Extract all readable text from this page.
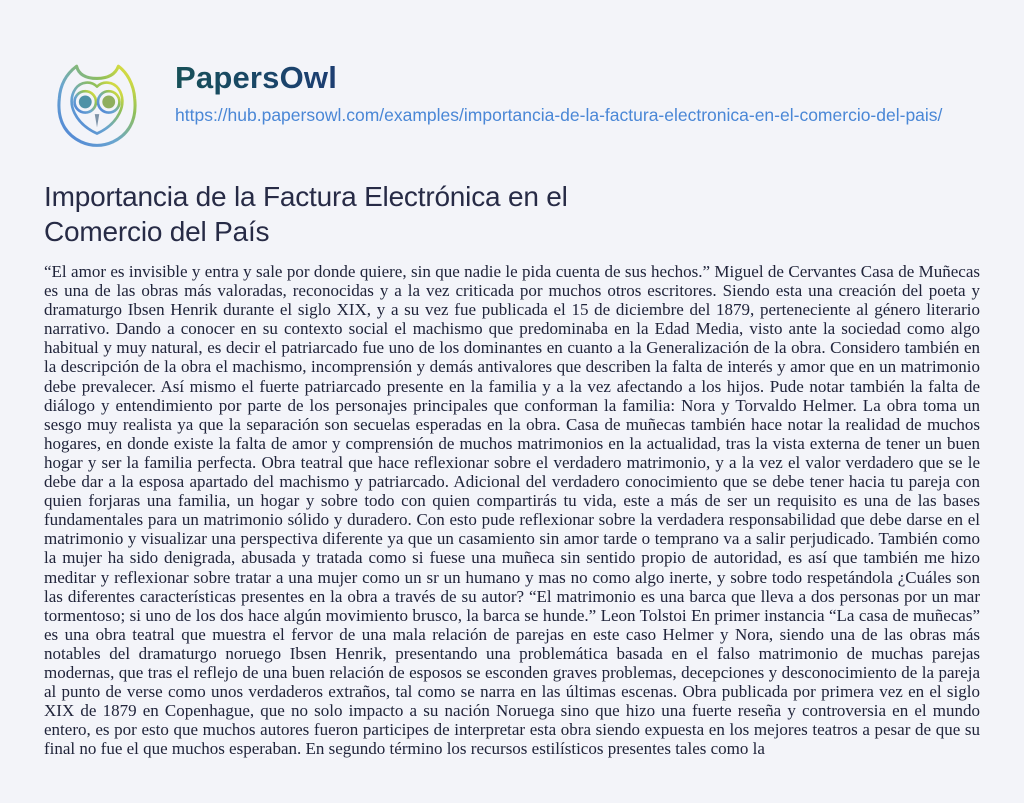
PapersOwl
https://hub.papersowl.com/examples/importancia-de-la-factura-electronica-en-el-comercio-del-pais/
Importancia de la Factura Electrónica en el Comercio del País

“El amor es invisible y entra y sale por donde quiere, sin que nadie le pida cuenta de sus hechos.” Miguel de Cervantes Casa de Muñecas es una de las obras más valoradas, reconocidas y a la vez criticada por muchos otros escritores. Siendo esta una creación del poeta y dramaturgo Ibsen Henrik durante el siglo XIX, y a su vez fue publicada el 15 de diciembre del 1879, perteneciente al género literario narrativo. Dando a conocer en su contexto social el machismo que predominaba en la Edad Media, visto ante la sociedad como algo habitual y muy natural, es decir el patriarcado fue uno de los dominantes en cuanto a la Generalización de la obra. Considero también en la descripción de la obra el machismo, incomprensión y demás antivalores que describen la falta de interés y amor que en un matrimonio debe prevalecer. Así mismo el fuerte patriarcado presente en la familia y a la vez afectando a los hijos. Pude notar también la falta de diálogo y entendimiento por parte de los personajes principales que conforman la familia: Nora y Torvaldo Helmer. La obra toma un sesgo muy realista ya que la separación son secuelas esperadas en la obra. Casa de muñecas también hace notar la realidad de muchos hogares, en donde existe la falta de amor y comprensión de muchos matrimonios en la actualidad, tras la vista externa de tener un buen hogar y ser la familia perfecta. Obra teatral que hace reflexionar sobre el verdadero matrimonio, y a la vez el valor verdadero que se le debe dar a la esposa apartado del machismo y patriarcado. Adicional del verdadero conocimiento que se debe tener hacia tu pareja con quien forjaras una familia, un hogar y sobre todo con quien compartirás tu vida, este a más de ser un requisito es una de las bases fundamentales para un matrimonio sólido y duradero. Con esto pude reflexionar sobre la verdadera responsabilidad que debe darse en el matrimonio y visualizar una perspectiva diferente ya que un casamiento sin amor tarde o temprano va a salir perjudicado. También como la mujer ha sido denigrada, abusada y tratada como si fuese una muñeca sin sentido propio de autoridad, es así que también me hizo meditar y reflexionar sobre tratar a una mujer como un sr un humano y mas no como algo inerte, y sobre todo respetándola ¿Cuáles son las diferentes características presentes en la obra a través de su autor? “El matrimonio es una barca que lleva a dos personas por un mar tormentoso; si uno de los dos hace algún movimiento brusco, la barca se hunde.” Leon Tolstoi En primer instancia “La casa de muñecas” es una obra teatral que muestra el fervor de una mala relación de parejas en este caso Helmer y Nora, siendo una de las obras más notables del dramaturgo noruego Ibsen Henrik, presentando una problemática basada en el falso matrimonio de muchas parejas modernas, que tras el reflejo de una buen relación de esposos se esconden graves problemas, decepciones y desconocimiento de la pareja al punto de verse como unos verdaderos extraños, tal como se narra en las últimas escenas. Obra publicada por primera vez en el siglo XIX de 1879 en Copenhague, que no solo impacto a su nación Noruega sino que hizo una fuerte reseña y controversia en el mundo entero, es por esto que muchos autores fueron participes de interpretar esta obra siendo expuesta en los mejores teatros a pesar de que su final no fue el que muchos esperaban. En segundo término los recursos estilísticos presentes tales como la
